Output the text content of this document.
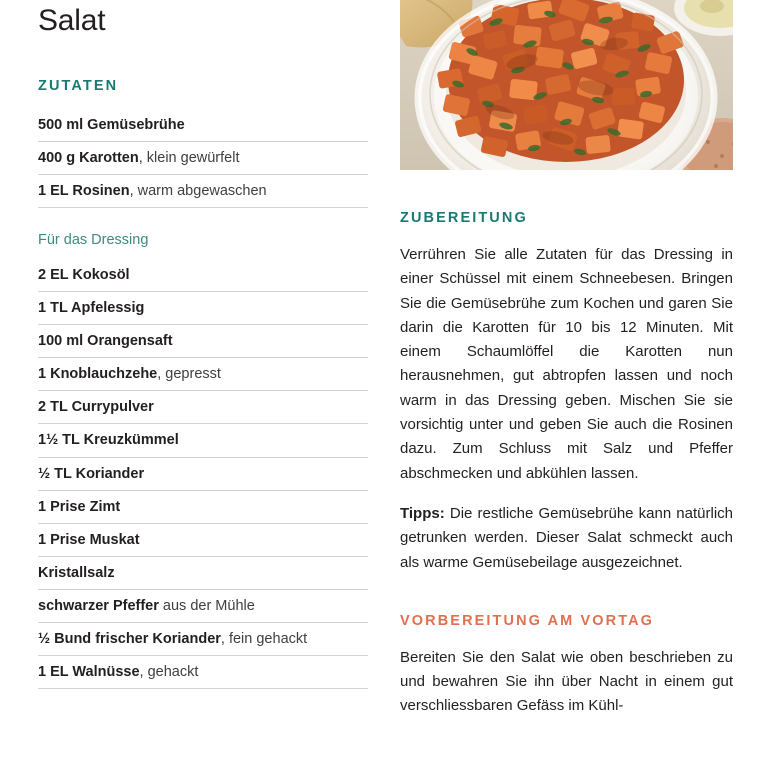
Salat
ZUTATEN
500 ml Gemüsebrühe
400 g Karotten, klein gewürfelt
1 EL Rosinen, warm abgewaschen
Für das Dressing
2 EL Kokosöl
1 TL Apfelessig
100 ml Orangensaft
1 Knoblauchzehe, gepresst
2 TL Currypulver
1½ TL Kreuzkümmel
½ TL Koriander
1 Prise Zimt
1 Prise Muskat
Kristallsalz
schwarzer Pfeffer aus der Mühle
½ Bund frischer Koriander, fein gehackt
1 EL Walnüsse, gehackt
ZUBEREITUNG

Verrühren Sie alle Zutaten für das Dressing in einer Schüssel mit einem Schneebesen. Bringen Sie die Gemüsebrühe zum Kochen und garen Sie darin die Karotten für 10 bis 12 Minuten. Mit einem Schaumlöffel die Karotten nun herausnehmen, gut abtropfen lassen und noch warm in das Dressing geben. Mischen Sie sie vorsichtig unter und geben Sie auch die Rosinen dazu. Zum Schluss mit Salz und Pfeffer abschmecken und abkühlen lassen.

Tipps: Die restliche Gemüsebrühe kann natürlich getrunken werden. Dieser Salat schmeckt auch als warme Gemüsebeilage ausgezeichnet.

VORBEREITUNG AM VORTAG

Bereiten Sie den Salat wie oben beschrieben zu und bewahren Sie ihn über Nacht in einem gut verschliessbaren Gefäss im Kühl-
